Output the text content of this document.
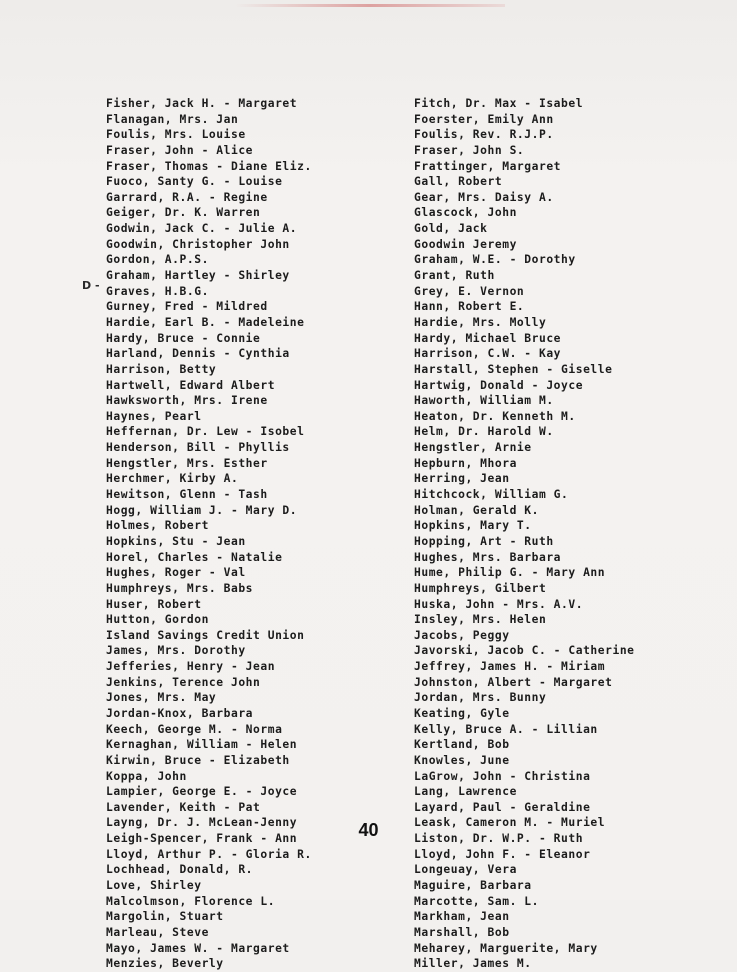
D -
Fisher, Jack H. - Margaret
Flanagan, Mrs. Jan
Foulis, Mrs. Louise
Fraser, John - Alice
Fraser, Thomas - Diane Eliz.
Fuoco, Santy G. - Louise
Garrard, R.A. - Regine
Geiger, Dr. K. Warren
Godwin, Jack C. - Julie A.
Goodwin, Christopher John
Gordon, A.P.S.
Graham, Hartley - Shirley
Graves, H.B.G.
Gurney, Fred - Mildred
Hardie, Earl B. - Madeleine
Hardy, Bruce - Connie
Harland, Dennis - Cynthia
Harrison, Betty
Hartwell, Edward Albert
Hawksworth, Mrs. Irene
Haynes, Pearl
Heffernan, Dr. Lew - Isobel
Henderson, Bill - Phyllis
Hengstler, Mrs. Esther
Herchmer, Kirby A.
Hewitson, Glenn - Tash
Hogg, William J. - Mary D.
Holmes, Robert
Hopkins, Stu - Jean
Horel, Charles - Natalie
Hughes, Roger - Val
Humphreys, Mrs. Babs
Huser, Robert
Hutton, Gordon
Island Savings Credit Union
James, Mrs. Dorothy
Jefferies, Henry - Jean
Jenkins, Terence John
Jones, Mrs. May
Jordan-Knox, Barbara
Keech, George M. - Norma
Kernaghan, William - Helen
Kirwin, Bruce - Elizabeth
Koppa, John
Lampier, George E. - Joyce
Lavender, Keith - Pat
Layng, Dr. J. McLean-Jenny
Leigh-Spencer, Frank - Ann
Lloyd, Arthur P. - Gloria R.
Lochhead, Donald, R.
Love, Shirley
Malcolmson, Florence L.
Margolin, Stuart
Marleau, Steve
Mayo, James W. - Margaret
Menzies, Beverly
Fitch, Dr. Max - Isabel
Foerster, Emily Ann
Foulis, Rev. R.J.P.
Fraser, John S.
Frattinger, Margaret
Gall, Robert
Gear, Mrs. Daisy A.
Glascock, John
Gold, Jack
Goodwin Jeremy
Graham, W.E. - Dorothy
Grant, Ruth
Grey, E. Vernon
Hann, Robert E.
Hardie, Mrs. Molly
Hardy, Michael Bruce
Harrison, C.W. - Kay
Harstall, Stephen - Giselle
Hartwig, Donald - Joyce
Haworth, William M.
Heaton, Dr. Kenneth M.
Helm, Dr. Harold W.
Hengstler, Arnie
Hepburn, Mhora
Herring, Jean
Hitchcock, William G.
Holman, Gerald K.
Hopkins, Mary T.
Hopping, Art - Ruth
Hughes, Mrs. Barbara
Hume, Philip G. - Mary Ann
Humphreys, Gilbert
Huska, John - Mrs. A.V.
Insley, Mrs. Helen
Jacobs, Peggy
Javorski, Jacob C. - Catherine
Jeffrey, James H. - Miriam
Johnston, Albert - Margaret
Jordan, Mrs. Bunny
Keating, Gyle
Kelly, Bruce A. - Lillian
Kertland, Bob
Knowles, June
LaGrow, John - Christina
Lang, Lawrence
Layard, Paul - Geraldine
Leask, Cameron M. - Muriel
Liston, Dr. W.P. - Ruth
Lloyd, John F. - Eleanor
Longeuay, Vera
Maguire, Barbara
Marcotte, Sam. L.
Markham, Jean
Marshall, Bob
Meharey, Marguerite, Mary
Miller, James M.
40
